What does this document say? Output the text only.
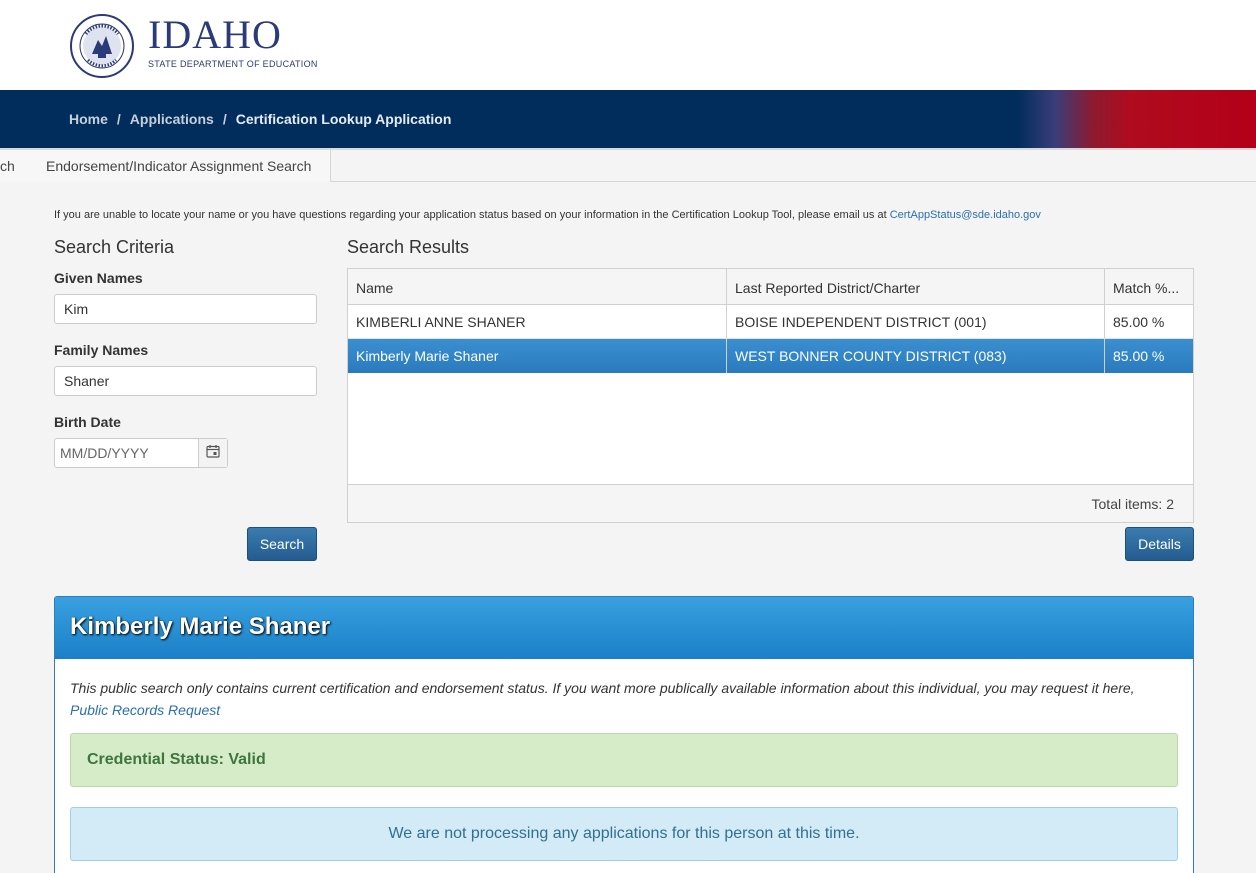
IDAHO
STATE DEPARTMENT OF EDUCATION
Home / Applications / Certification Lookup Application
ch	Endorsement/Indicator Assignment Search
If you are unable to locate your name or you have questions regarding your application status based on your information in the Certification Lookup Tool, please email us at CertAppStatus@sde.idaho.gov
Search Criteria
Given Names
Kim
Family Names
Shaner
Birth Date
MM/DD/YYYY
Search
Search Results
Name	Last Reported District/Charter	Match %...
KIMBERLI ANNE SHANER	BOISE INDEPENDENT DISTRICT (001)	85.00 %
Kimberly Marie Shaner	WEST BONNER COUNTY DISTRICT (083)	85.00 %
Total items: 2
Details
Kimberly Marie Shaner
This public search only contains current certification and endorsement status. If you want more publically available information about this individual, you may request it here,
Public Records Request
Credential Status: Valid
We are not processing any applications for this person at this time.
